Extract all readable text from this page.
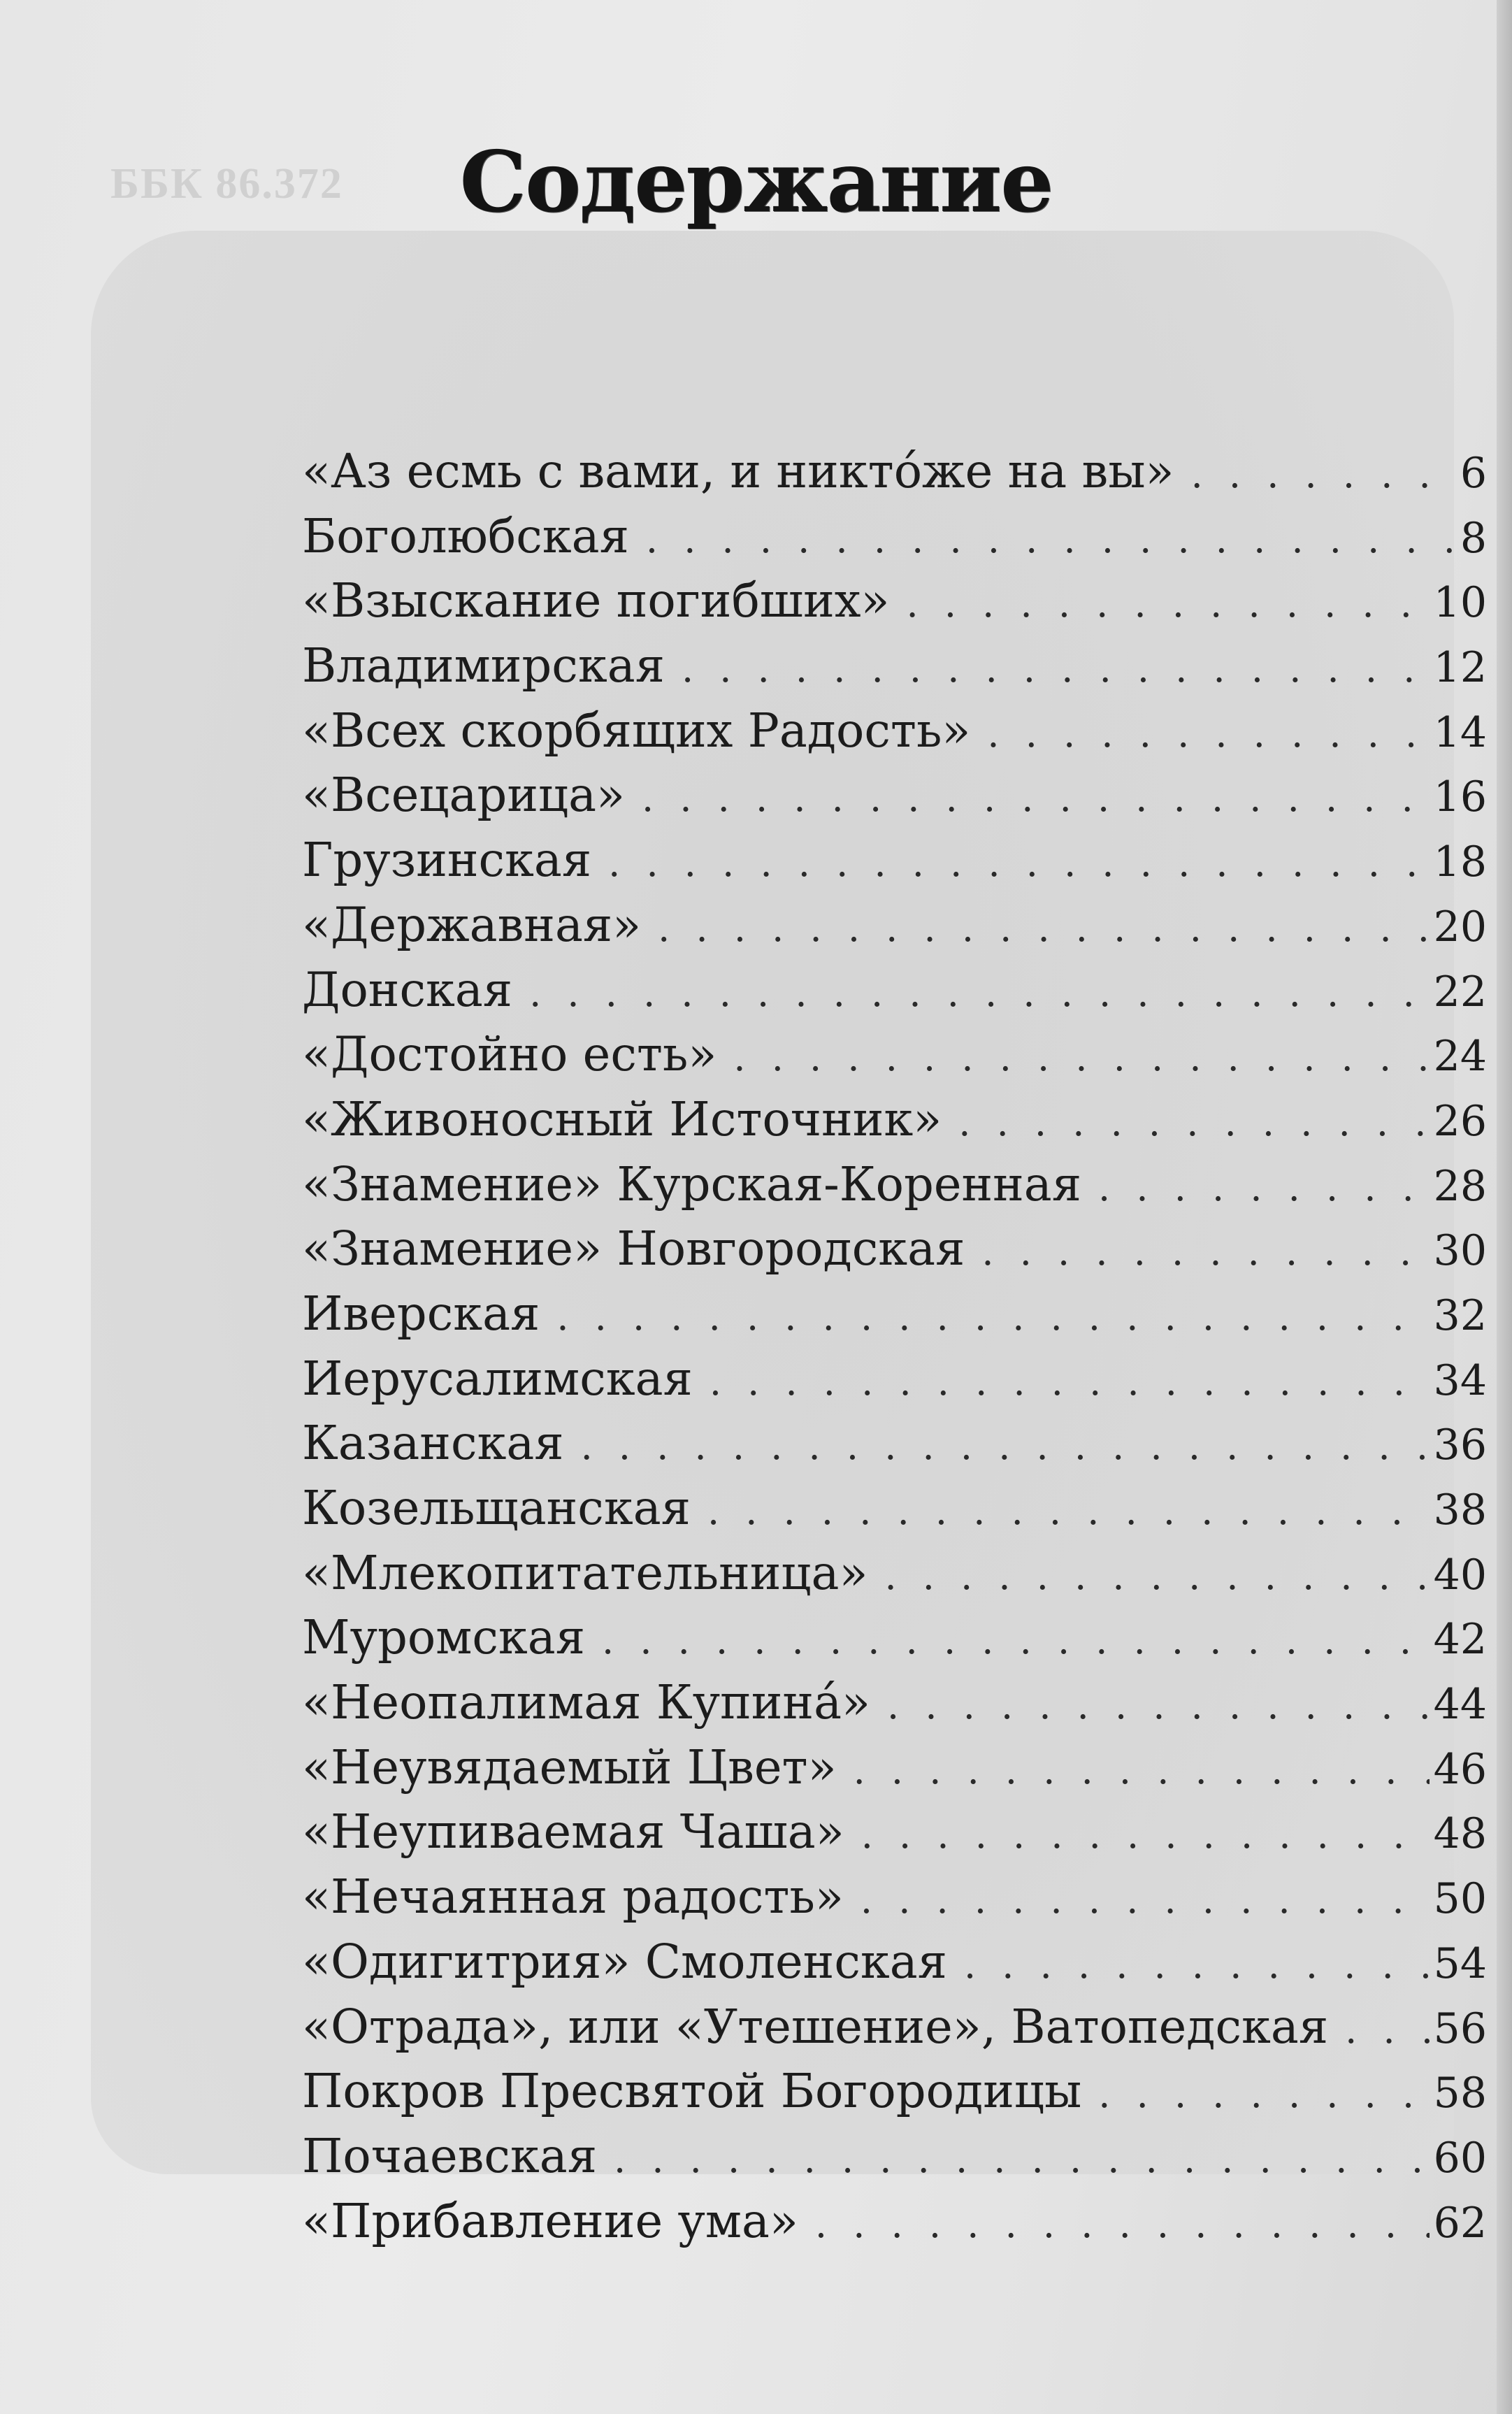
ББК 86.372	Содержание
«Аз есмь с вами, и никтóже на вы» . . .	6
Боголюбская . . .	8
«Взыскание погибших» . . .	10
Владимирская . . .	12
«Всех скорбящих Радость» . . .	14
«Всецарица» . . .	16
Грузинская . . .	18
«Державная» . . .	20
Донская . . .	22
«Достойно есть» . . .	24
«Живоносный Источник» . . .	26
«Знамение» Курская-Коренная . . .	28
«Знамение» Новгородская . . .	30
Иверская . . .	32
Иерусалимская . . .	34
Казанская . . .	36
Козельщанская . . .	38
«Млекопитательница» . . .	40
Муромская . . .	42
«Неопалимая Купинá» . . .	44
«Неувядаемый Цвет» . . .	46
«Неупиваемая Чаша» . . .	48
«Нечаянная радость» . . .	50
«Одигитрия» Смоленская . . .	54
«Отрада», или «Утешение», Ватопедская . . .	56
Покров Пресвятой Богородицы . . .	58
Почаевская . . .	60
«Прибавление ума» . . .	62
